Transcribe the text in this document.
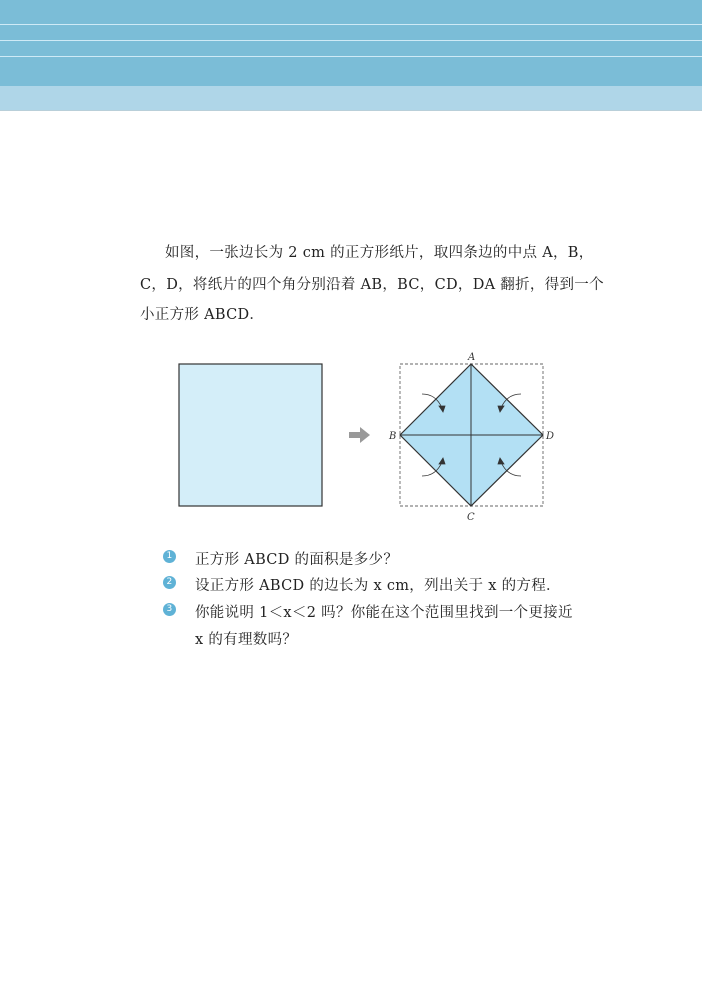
如图，一张边长为 2 cm 的正方形纸片，取四条边的中点 A，B，
C，D，将纸片的四个角分别沿着 AB，BC，CD，DA 翻折，得到一个
小正方形 ABCD．
A
B
C
D
1 正方形 ABCD 的面积是多少？
2 设正方形 ABCD 的边长为 x cm，列出关于 x 的方程．
3 你能说明 1＜x＜2 吗？你能在这个范围里找到一个更接近
x 的有理数吗？
